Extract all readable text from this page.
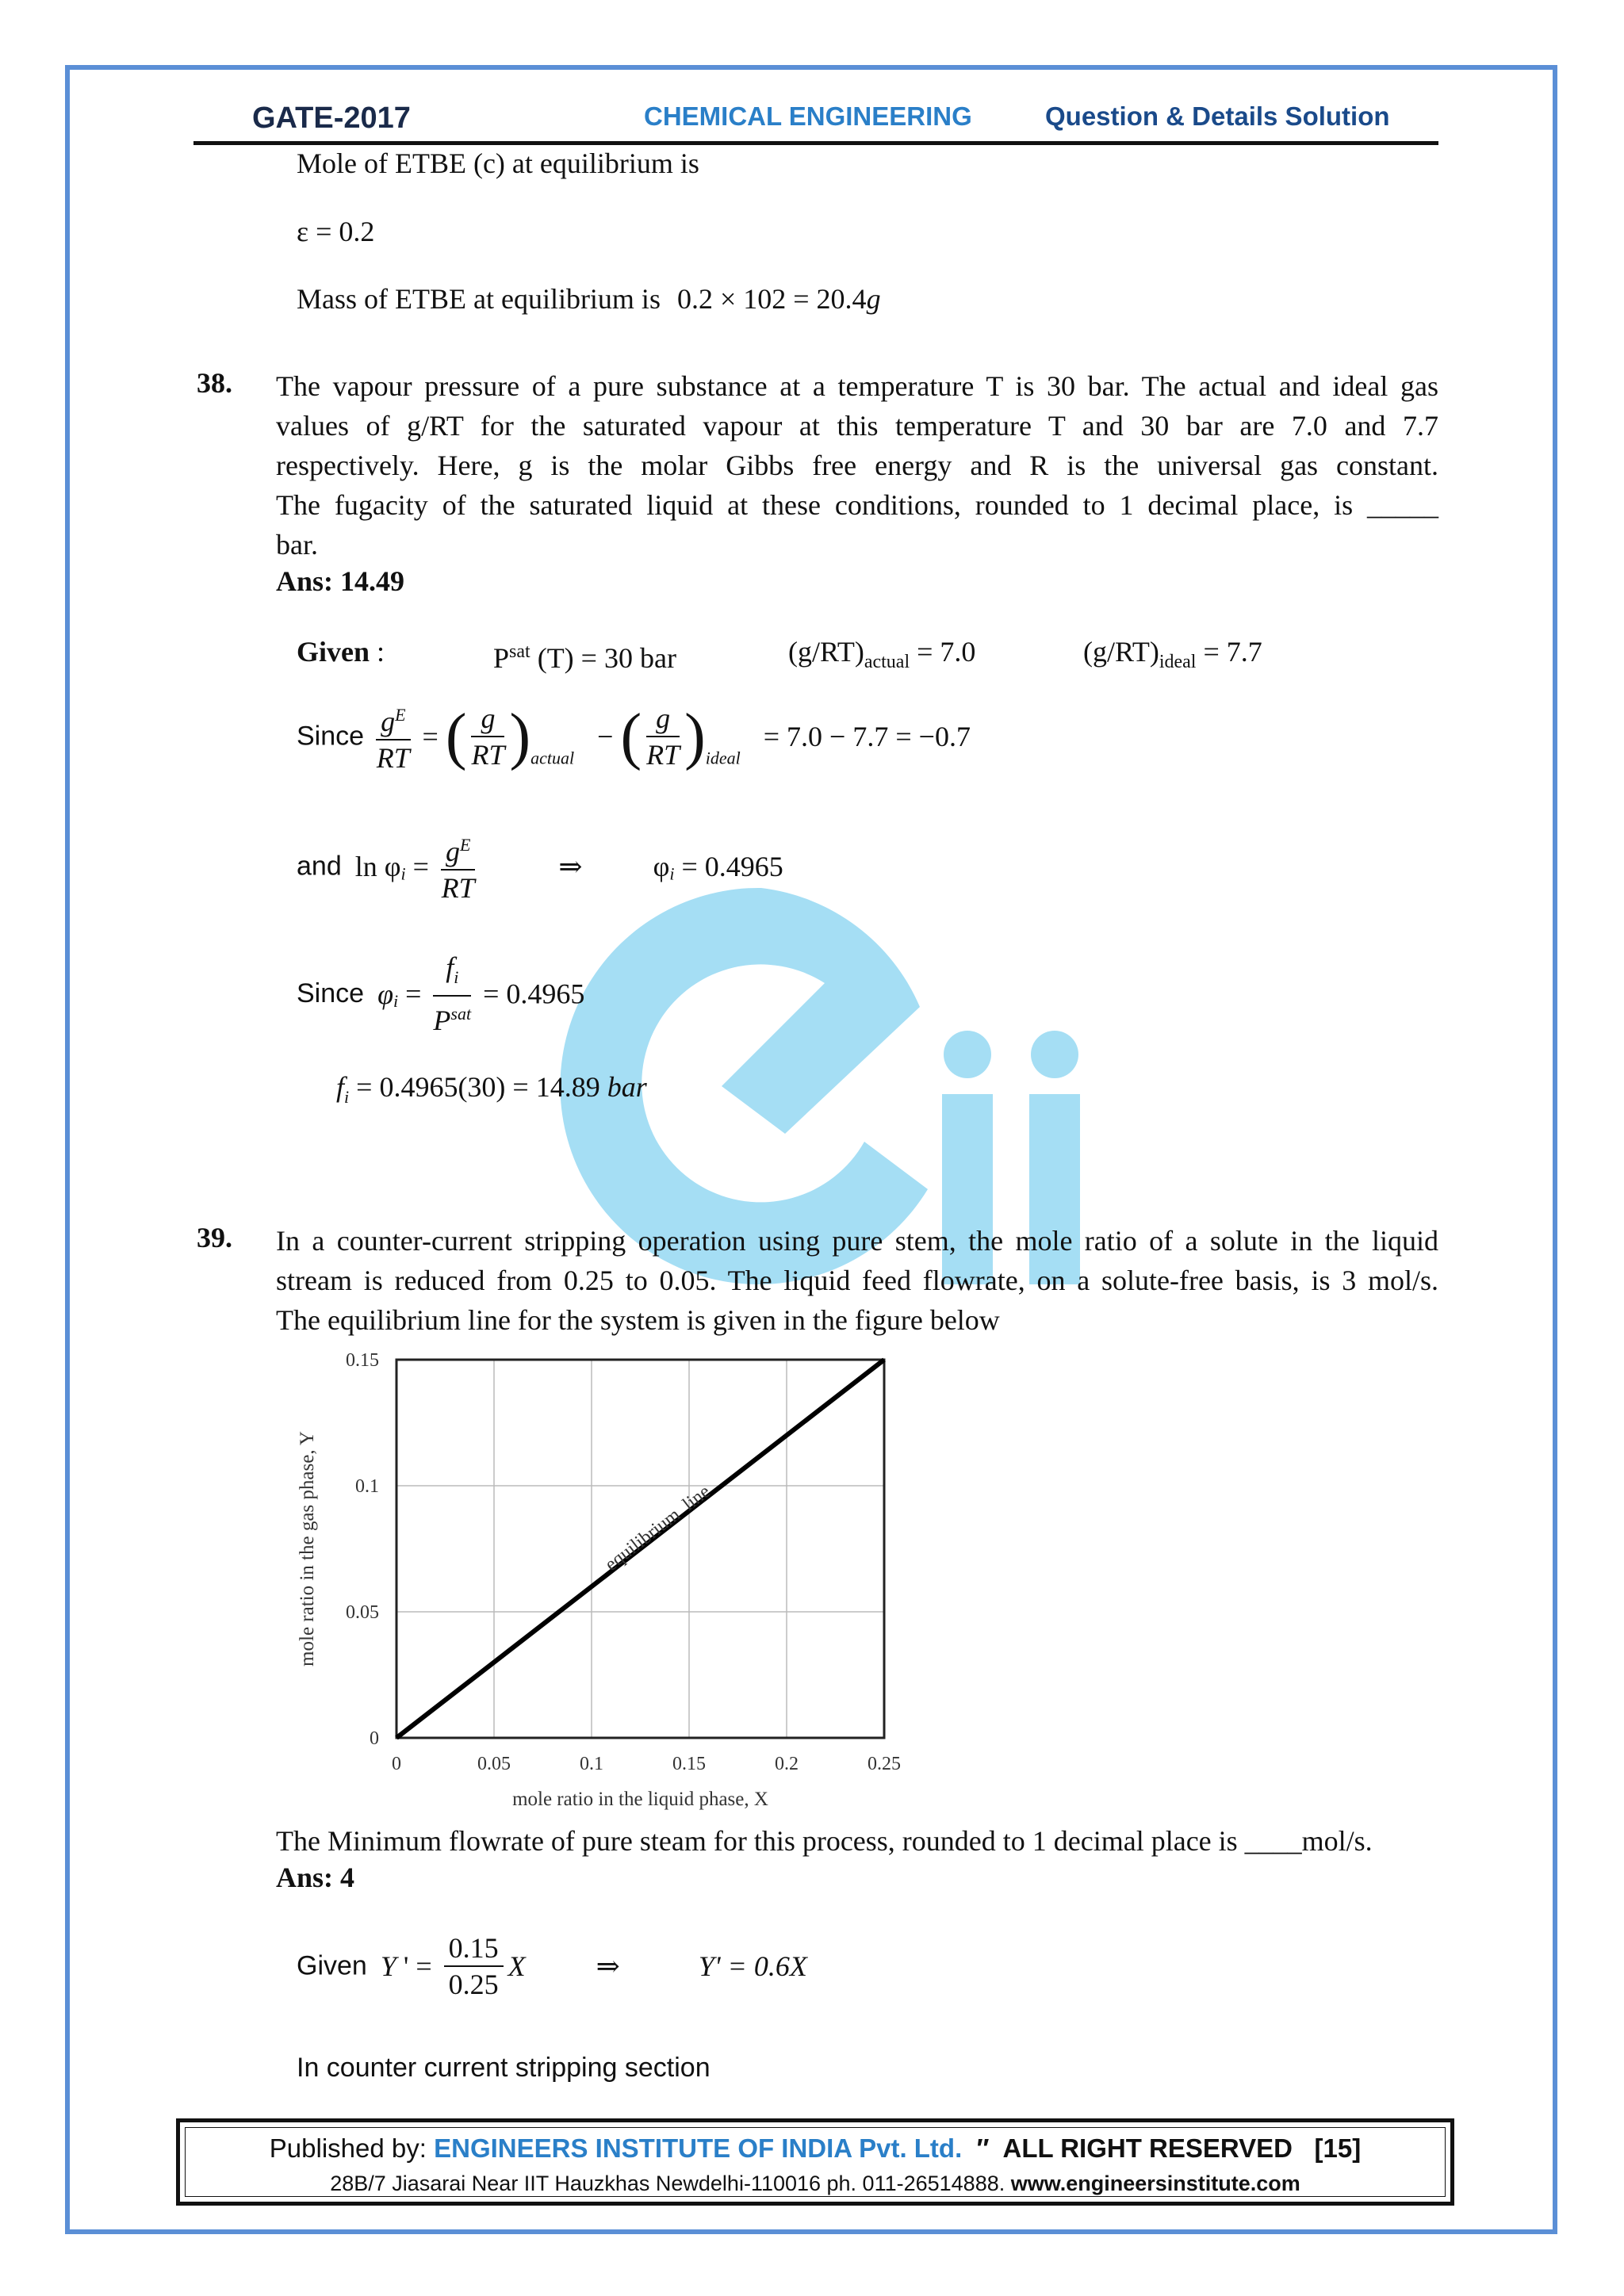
GATE-2017	CHEMICAL ENGINEERING	Question & Details Solution
Mole of ETBE (c) at equilibrium is
ε = 0.2
Mass of ETBE at equilibrium is 0.2 × 102 = 20.4g
38. The vapour pressure of a pure substance at a temperature T is 30 bar. The actual and ideal gas
values of g/RT for the saturated vapour at this temperature T and 30 bar are 7.0 and 7.7
respectively. Here, g is the molar Gibbs free energy and R is the universal gas constant.
The fugacity of the saturated liquid at these conditions, rounded to 1 decimal place, is _____
bar.
Ans: 14.49
Given :	$P^{sat}$ (T) = 30 bar	$(g/RT)_{actual} = 7.0$	$(g/RT)_{ideal} = 7.7$
Since $\frac{g^E}{RT}$ = ( $\frac{g}{RT} )_{actual}$ − ( $\frac{g}{RT} )_{ideal} = 7.0 - 7.7 = -0.7$
and $\ln \varphi_i = \frac{g^E}{RT}$	⇒ $\varphi_i = 0.4965$
Since $\varphi_i = \frac{f_i}{P^{sat}} = 0.4965$
$f_i = 0.4965(30) = 14.89$ bar
39. In a counter-current stripping operation using pure stem, the mole ratio of a solute in the liquid
stream is reduced from 0.25 to 0.05. The liquid feed flowrate, on a solute-free basis, is 3 mol/s.
The equilibrium line for the system is given in the figure below
0	0.05	0.1	0.15	0.2	0.25
0
0.05
0.1
0.15
equilibrium  line
mole ratio in the liquid phase, X
mole ratio in the gas phase, Y
The Minimum flowrate of pure steam for this process, rounded to 1 decimal place is ____mol/s.
Ans: 4
Given Y ' = $\frac{0.15}{0.25}$ X ⇒	Y' = 0.6X
In counter current stripping section
Published by: ENGINEERS INSTITUTE OF INDIA Pvt. Ltd.  ″  ALL RIGHT RESERVED   [15]
28B/7 Jiasarai Near IIT Hauzkhas Newdelhi-110016 ph. 011-26514888. www.engineersinstitute.com
